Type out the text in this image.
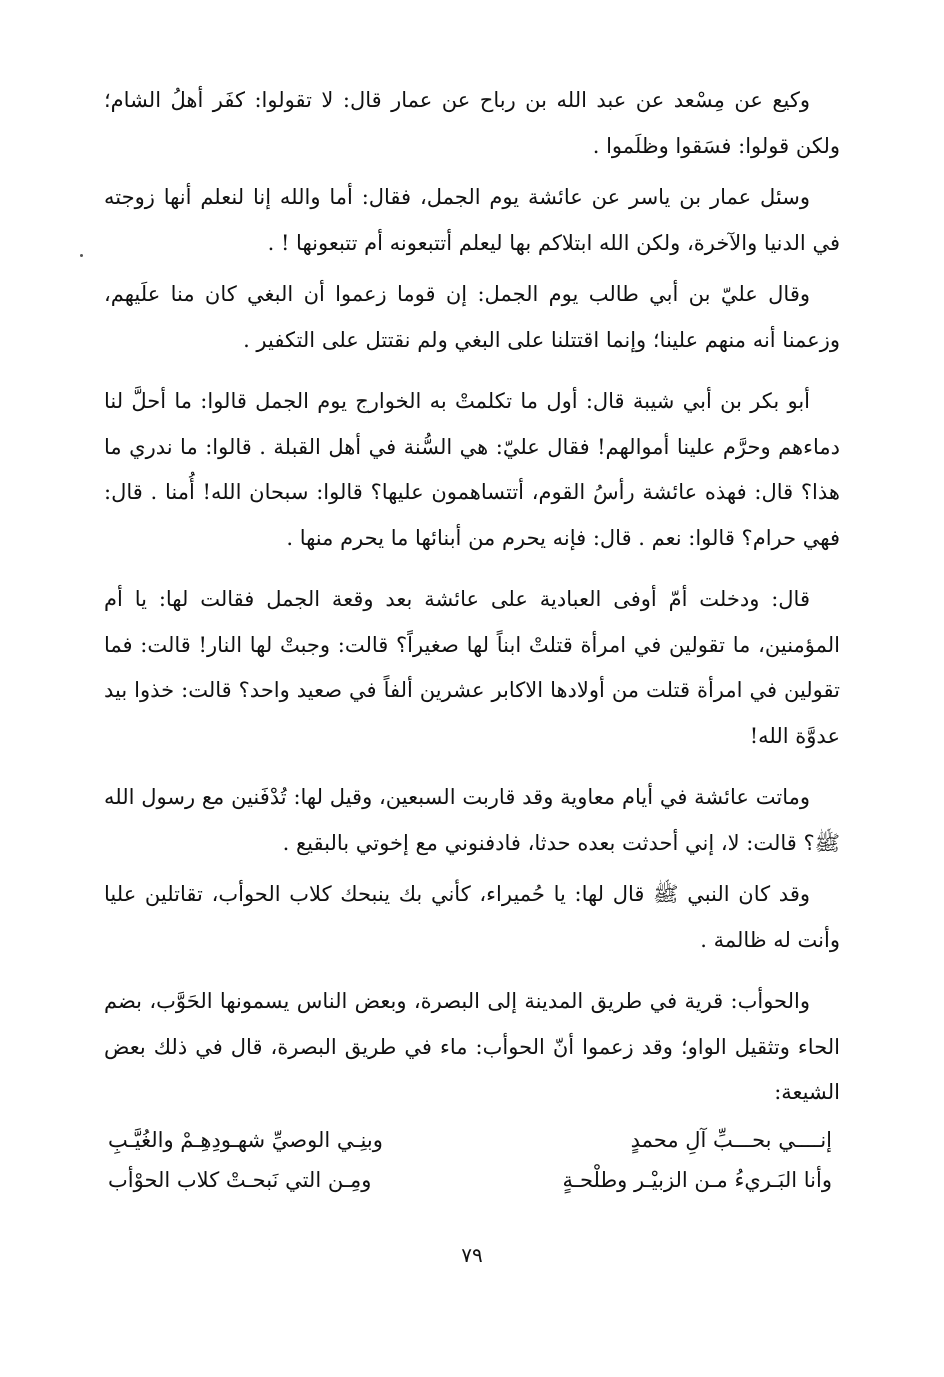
وكيع عن مِسْعد عن عبد الله بن رباح عن عمار قال: لا تقولوا: كفَر أهلُ الشام؛ ولكن قولوا: فسَقوا وظلَموا .

وسئل عمار بن ياسر عن عائشة يوم الجمل، فقال: أما والله إنا لنعلم أنها زوجته في الدنيا والآخرة، ولكن الله ابتلاكم بها ليعلم أتتبعونه أم تتبعونها ! .

وقال عليّ بن أبي طالب يوم الجمل: إن قوما زعموا أن البغي كان منا علَيهم، وزعمنا أنه منهم علينا؛ وإنما اقتتلنا على البغي ولم نقتتل على التكفير .

أبو بكر بن أبي شيبة قال: أول ما تكلمتْ به الخوارج يوم الجمل قالوا: ما أحلَّ لنا دماءهم وحرَّم علينا أموالهم! فقال عليّ: هي السُّنة في أهل القبلة . قالوا: ما ندري ما هذا؟ قال: فهذه عائشة رأسُ القوم، أتتساهمون عليها؟ قالوا: سبحان الله! أُمنا . قال: فهي حرام؟ قالوا: نعم . قال: فإنه يحرم من أبنائها ما يحرم منها .

قال: ودخلت أمّ أوفى العبادية على عائشة بعد وقعة الجمل فقالت لها: يا أم المؤمنين، ما تقولين في امرأة قتلتْ ابناً لها صغيراً؟ قالت: وجبتْ لها النار! قالت: فما تقولين في امرأة قتلت من أولادها الاكابر عشرين ألفاً في صعيد واحد؟ قالت: خذوا بيد عدوَّة الله!

وماتت عائشة في أيام معاوية وقد قاربت السبعين، وقيل لها: تُدْفَنين مع رسول الله ﷺ؟ قالت: لا، إني أحدثت بعده حدثا، فادفنوني مع إخوتي بالبقيع .

وقد كان النبي ﷺ قال لها: يا حُميراء، كأني بك ينبحك كلاب الحوأب، تقاتلين عليا وأنت له ظالمة .

والحوأب: قرية في طريق المدينة إلى البصرة، وبعض الناس يسمونها الحَوَّب، بضم الحاء وتثقيل الواو؛ وقد زعموا أنّ الحوأب: ماء في طريق البصرة، قال في ذلك بعض الشيعة:

إنــــي بحـــبِّ آلِ محمدٍ
وبنِـي الوصيِّ شهـودِهِـمْ والغُيَّـبِ
وأنا البَـريءُ مـن الزبيْـر وطلْحـةٍ
ومِـن التي نَبحـتْ كلاب الحوْأب
٧٩
